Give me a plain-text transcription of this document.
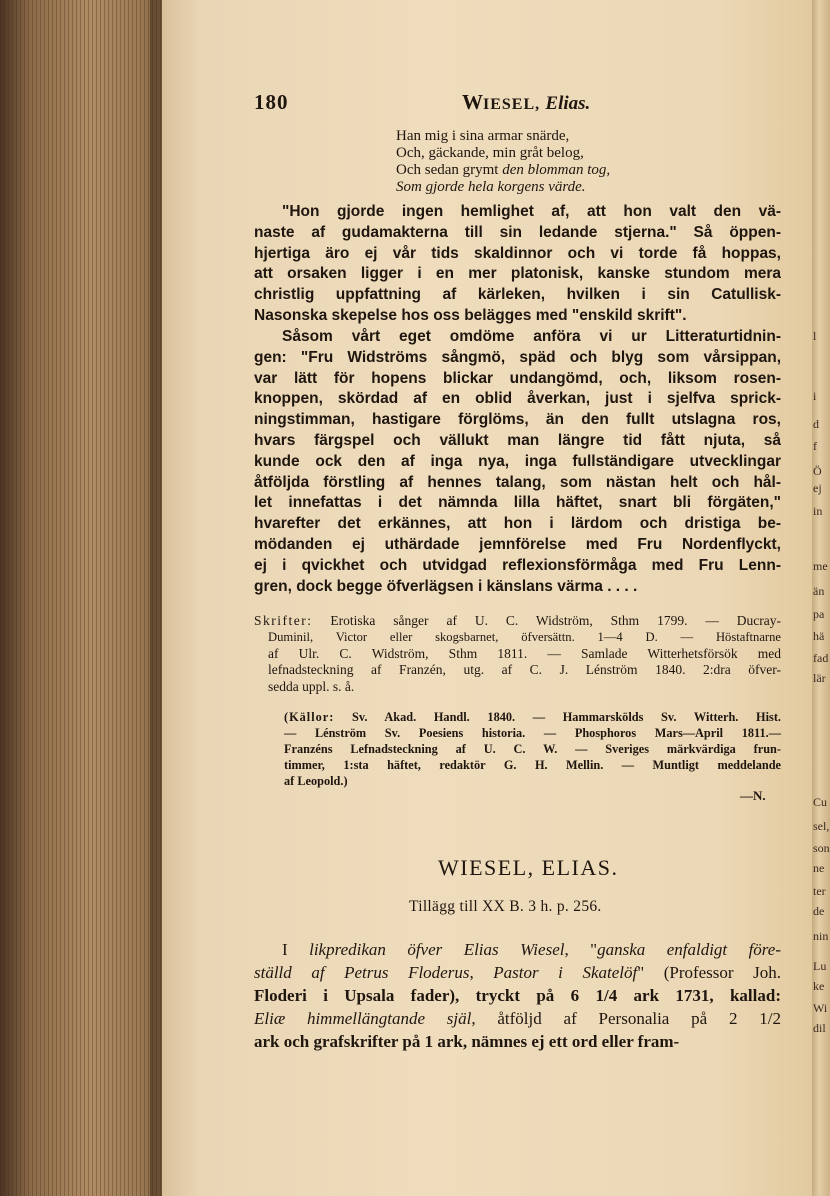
180	WIESEL, Elias.
Han mig i sina armar snärde,
Och, gäckande, min gråt belog,
Och sedan grymt den blomman tog,
Som gjorde hela korgens värde.
"Hon gjorde ingen hemlighet af, att hon valt den vä-
naste af gudamakterna till sin ledande stjerna." Så öppen-
hjertiga äro ej vår tids skaldinnor och vi torde få hoppas,
att orsaken ligger i en mer platonisk, kanske stundom mera
christlig uppfattning af kärleken, hvilken i sin Catullisk-
Nasonska skepelse hos oss belägges med "enskild skrift".
Såsom vårt eget omdöme anföra vi ur Litteraturtidnin-
gen: "Fru Widströms sångmö, späd och blyg som vårsippan,
var lätt för hopens blickar undangömd, och, liksom rosen-
knoppen, skördad af en oblid åverkan, just i sjelfva sprick-
ningstimman, hastigare förglöms, än den fullt utslagna ros,
hvars färgspel och vällukt man längre tid fått njuta, så
kunde ock den af inga nya, inga fullständigare utvecklingar
åtföljda förstling af hennes talang, som nästan helt och hål-
let innefattas i det nämnda lilla häftet, snart bli förgäten,"
hvarefter det erkännes, att hon i lärdom och dristiga be-
mödanden ej uthärdade jemnförelse med Fru Nordenflyckt,
ej i qvickhet och utvidgad reflexionsförmåga med Fru Lenn-
gren, dock begge öfverlägsen i känslans värma . . . .
Skrifter: Erotiska sånger af U. C. Widström, Sthm 1799. — Ducray-
Duminil, Victor eller skogsbarnet, öfversättn. 1—4 D. — Höstaftnarne
af Ulr. C. Widström, Sthm 1811. — Samlade Witterhetsförsök med
lefnadsteckning af Franzén, utg. af C. J. Lénström 1840. 2:dra öfver-
sedda uppl. s. å.
(Källor: Sv. Akad. Handl. 1840. — Hammarskölds Sv. Witterh. Hist.
— Lénström Sv. Poesiens historia. — Phosphoros Mars—April 1811.—
Franzéns Lefnadsteckning af U. C. W. — Sveriges märkvärdiga frun-
timmer, 1:sta häftet, redaktör G. H. Mellin. — Muntligt meddelande
af Leopold.)
—N.
WIESEL, ELIAS.
Tillägg till XX B. 3 h. p. 256.
I likpredikan öfver Elias Wiesel, "ganska enfaldigt före-
ställd af Petrus Floderus, Pastor i Skatelöf" (Professor Joh.
Floderi i Upsala fader), tryckt på 6 1/4 ark 1731, kallad:
Eliæ himmellängtande själ, åtföljd af Personalia på 2 1/2
ark och grafskrifter på 1 ark, nämnes ej ett ord eller fram-
l
i
d
f
Ö
ej
in
me
än
pa
hä
fad
lär
Cu
sel,
son
ne
ter
de
nin
Lu
ke
Wi
dil
